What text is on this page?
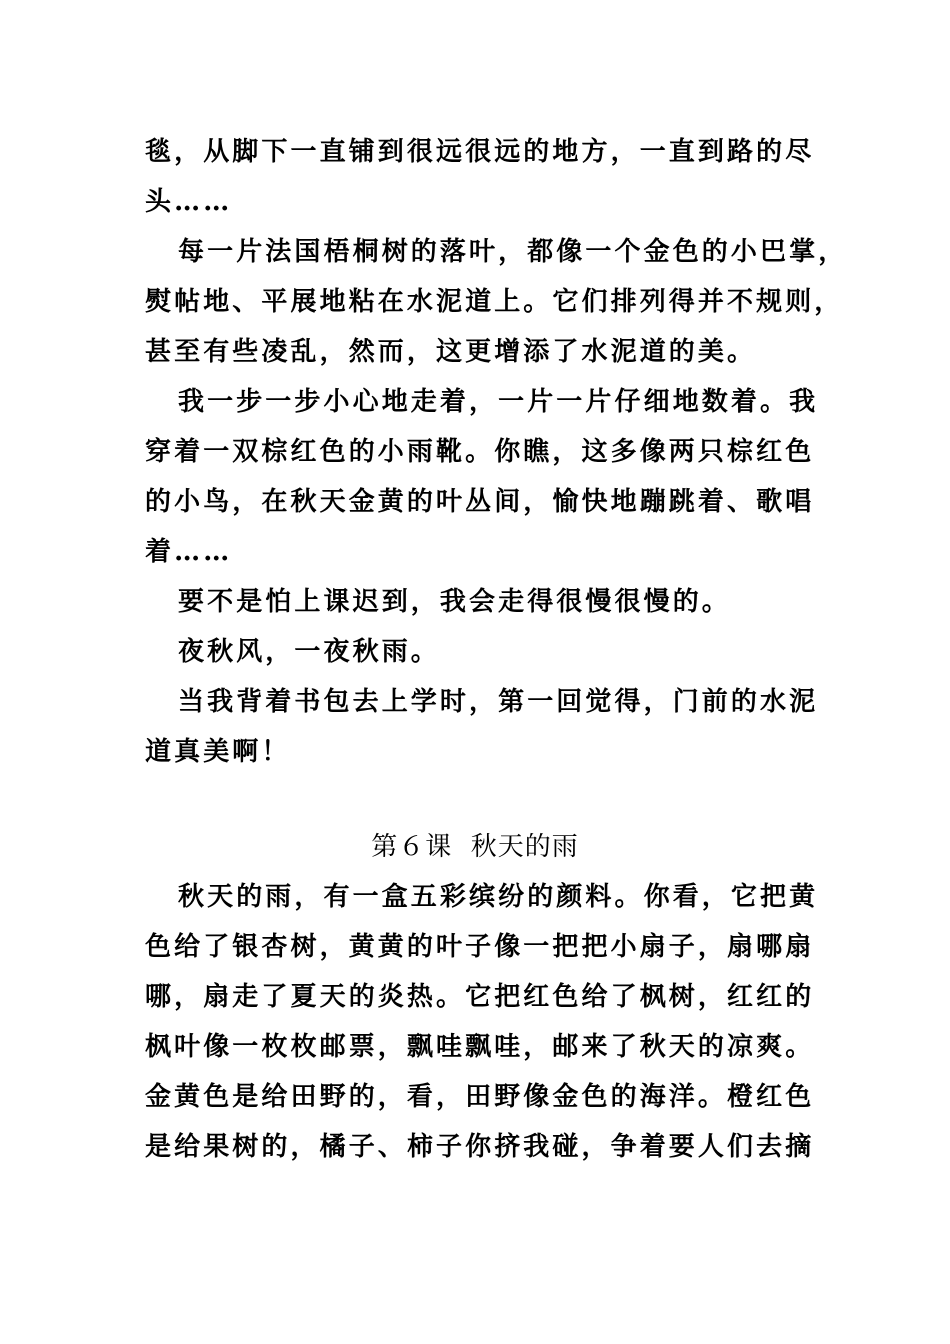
毯，从脚下一直铺到很远很远的地方，一直到路的尽
头……
每一片法国梧桐树的落叶，都像一个金色的小巴掌，
熨帖地、平展地粘在水泥道上。它们排列得并不规则，
甚至有些凌乱，然而，这更增添了水泥道的美。
我一步一步小心地走着，一片一片仔细地数着。我
穿着一双棕红色的小雨靴。你瞧，这多像两只棕红色
的小鸟，在秋天金黄的叶丛间，愉快地蹦跳着、歌唱
着……
要不是怕上课迟到，我会走得很慢很慢的。
夜秋风，一夜秋雨。
当我背着书包去上学时，第一回觉得，门前的水泥
道真美啊！
第６课 秋天的雨
秋天的雨，有一盒五彩缤纷的颜料。你看，它把黄
色给了银杏树，黄黄的叶子像一把把小扇子，扇哪扇
哪，扇走了夏天的炎热。它把红色给了枫树，红红的
枫叶像一枚枚邮票，飘哇飘哇，邮来了秋天的凉爽。
金黄色是给田野的，看，田野像金色的海洋。橙红色
是给果树的，橘子、柿子你挤我碰，争着要人们去摘
